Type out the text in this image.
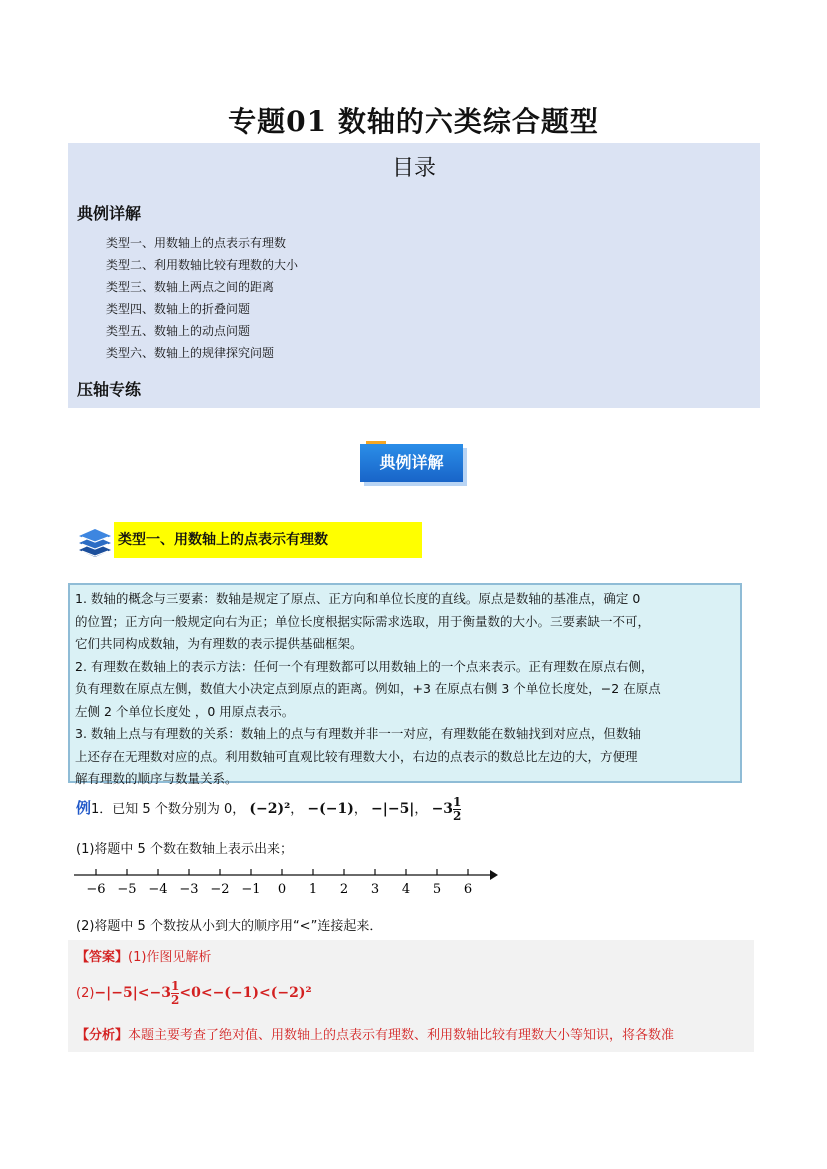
专题01 数轴的六类综合题型
目录
典例详解
类型一、用数轴上的点表示有理数
类型二、利用数轴比较有理数的大小
类型三、数轴上两点之间的距离
类型四、数轴上的折叠问题
类型五、数轴上的动点问题
类型六、数轴上的规律探究问题
压轴专练
典例详解
类型一、用数轴上的点表示有理数

1. 数轴的概念与三要素：数轴是规定了原点、正方向和单位长度的直线。原点是数轴的基准点，确定 0

的位置；正方向一般规定向右为正；单位长度根据实际需求选取，用于衡量数的大小。三要素缺一不可，

它们共同构成数轴，为有理数的表示提供基础框架。

2. 有理数在数轴上的表示方法：任何一个有理数都可以用数轴上的一个点来表示。正有理数在原点右侧，

负有理数在原点左侧，数值大小决定点到原点的距离。例如，+3 在原点右侧 3 个单位长度处，−2 在原点

左侧 2 个单位长度处 ，0 用原点表示。

3. 数轴上点与有理数的关系：数轴上的点与有理数并非一一对应，有理数能在数轴找到对应点，但数轴

上还存在无理数对应的点。利用数轴可直观比较有理数大小，右边的点表示的数总比左边的大，方便理

解有理数的顺序与数量关系。

例1．已知 5 个数分别为 0， (−2)²， −(−1)， −|−5|， $-3 \frac{1}{2}$
(1)将题中 5 个数在数轴上表示出来；
−6 −5 −4 −3 −2 −1 0 1 2 3 4 5 6
(2)将题中 5 个数按从小到大的顺序用“<”连接起来．
【答案】(1)作图见解析
$(2)-|-5|<-3 \frac{1}{2} <0<-(-1)<(-2)^2$
【分析】本题主要考查了绝对值、用数轴上的点表示有理数、利用数轴比较有理数大小等知识，将各数准
